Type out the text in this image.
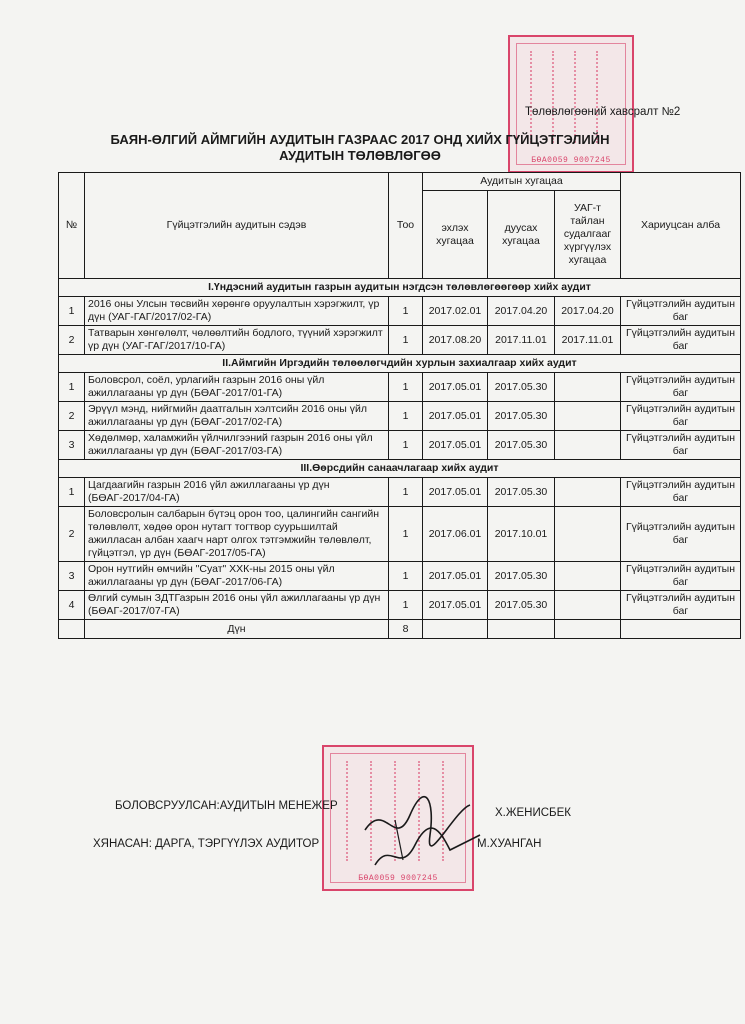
БӨА0059 9007245
Төлөвлөгөөний хавсралт №2
БАЯН-ӨЛГИЙ АЙМГИЙН АУДИТЫН ГАЗРААС 2017 ОНД ХИЙХ ГҮЙЦЭТГЭЛИЙН
АУДИТЫН ТӨЛӨВЛӨГӨӨ
№	Гүйцэтгэлийн аудитын сэдэв	Тоо	Аудитын хугацаа			Хариуцсан алба
			эхлэх хугацаа	дуусах хугацаа	УАГ-т тайлан судалгааг хүргүүлэх хугацаа	
I.Үндэсний аудитын газрын аудитын нэгдсэн төлөвлөгөөгөөр хийх аудит						
1	2016 оны Улсын төсвийн хөрөнгө оруулалтын хэрэгжилт, үр дүн (УАГ-ГАГ/2017/02-ГА)	1	2017.02.01	2017.04.20	2017.04.20	Гүйцэтгэлийн аудитын баг
2	Татварын хөнгөлөлт, чөлөөлтийн бодлого, түүний хэрэгжилт үр дүн (УАГ-ГАГ/2017/10-ГА)	1	2017.08.20	2017.11.01	2017.11.01	Гүйцэтгэлийн аудитын баг
II.Аймгийн Иргэдийн төлөөлөгчдийн хурлын захиалгаар хийх аудит						
1	Боловсрол, соёл, урлагийн газрын 2016 оны үйл ажиллагааны үр дүн (БӨАГ-2017/01-ГА)	1	2017.05.01	2017.05.30		Гүйцэтгэлийн аудитын баг
2	Эрүүл мэнд, нийгмийн даатгалын хэлтсийн 2016 оны үйл ажиллагааны үр дүн (БӨАГ-2017/02-ГА)	1	2017.05.01	2017.05.30		Гүйцэтгэлийн аудитын баг
3	Хөдөлмөр, халамжийн үйлчилгээний газрын 2016 оны үйл ажиллагааны үр дүн (БӨАГ-2017/03-ГА)	1	2017.05.01	2017.05.30		Гүйцэтгэлийн аудитын баг
III.Өөрсдийн санаачлагаар хийх аудит						
1	Цагдаагийн газрын 2016 үйл ажиллагааны үр дүн (БӨАГ-2017/04-ГА)	1	2017.05.01	2017.05.30		Гүйцэтгэлийн аудитын баг
2	Боловсролын салбарын бүтэц орон тоо, цалингийн сангийн төлөвлөлт, хөдөө орон нутагт тогтвор суурьшилтай ажилласан албан хаагч нарт олгох тэтгэмжийн төлөвлөлт, гүйцэтгэл, үр дүн (БӨАГ-2017/05-ГА)	1	2017.06.01	2017.10.01		Гүйцэтгэлийн аудитын баг
3	Орон нутгийн өмчийн "Суат" ХХК-ны 2015 оны үйл ажиллагааны үр дүн (БӨАГ-2017/06-ГА)	1	2017.05.01	2017.05.30		Гүйцэтгэлийн аудитын баг
4	Өлгий сумын ЗДТГазрын 2016 оны үйл ажиллагааны үр дүн (БӨАГ-2017/07-ГА)	1	2017.05.01	2017.05.30		Гүйцэтгэлийн аудитын баг
	Дүн	8				
БӨА0059 9007245
БОЛОВСРУУЛСАН:АУДИТЫН МЕНЕЖЕР
Х.ЖЕНИСБЕК
ХЯНАСАН: ДАРГА, ТЭРГҮҮЛЭХ АУДИТОР	М.ХУАНГАН
